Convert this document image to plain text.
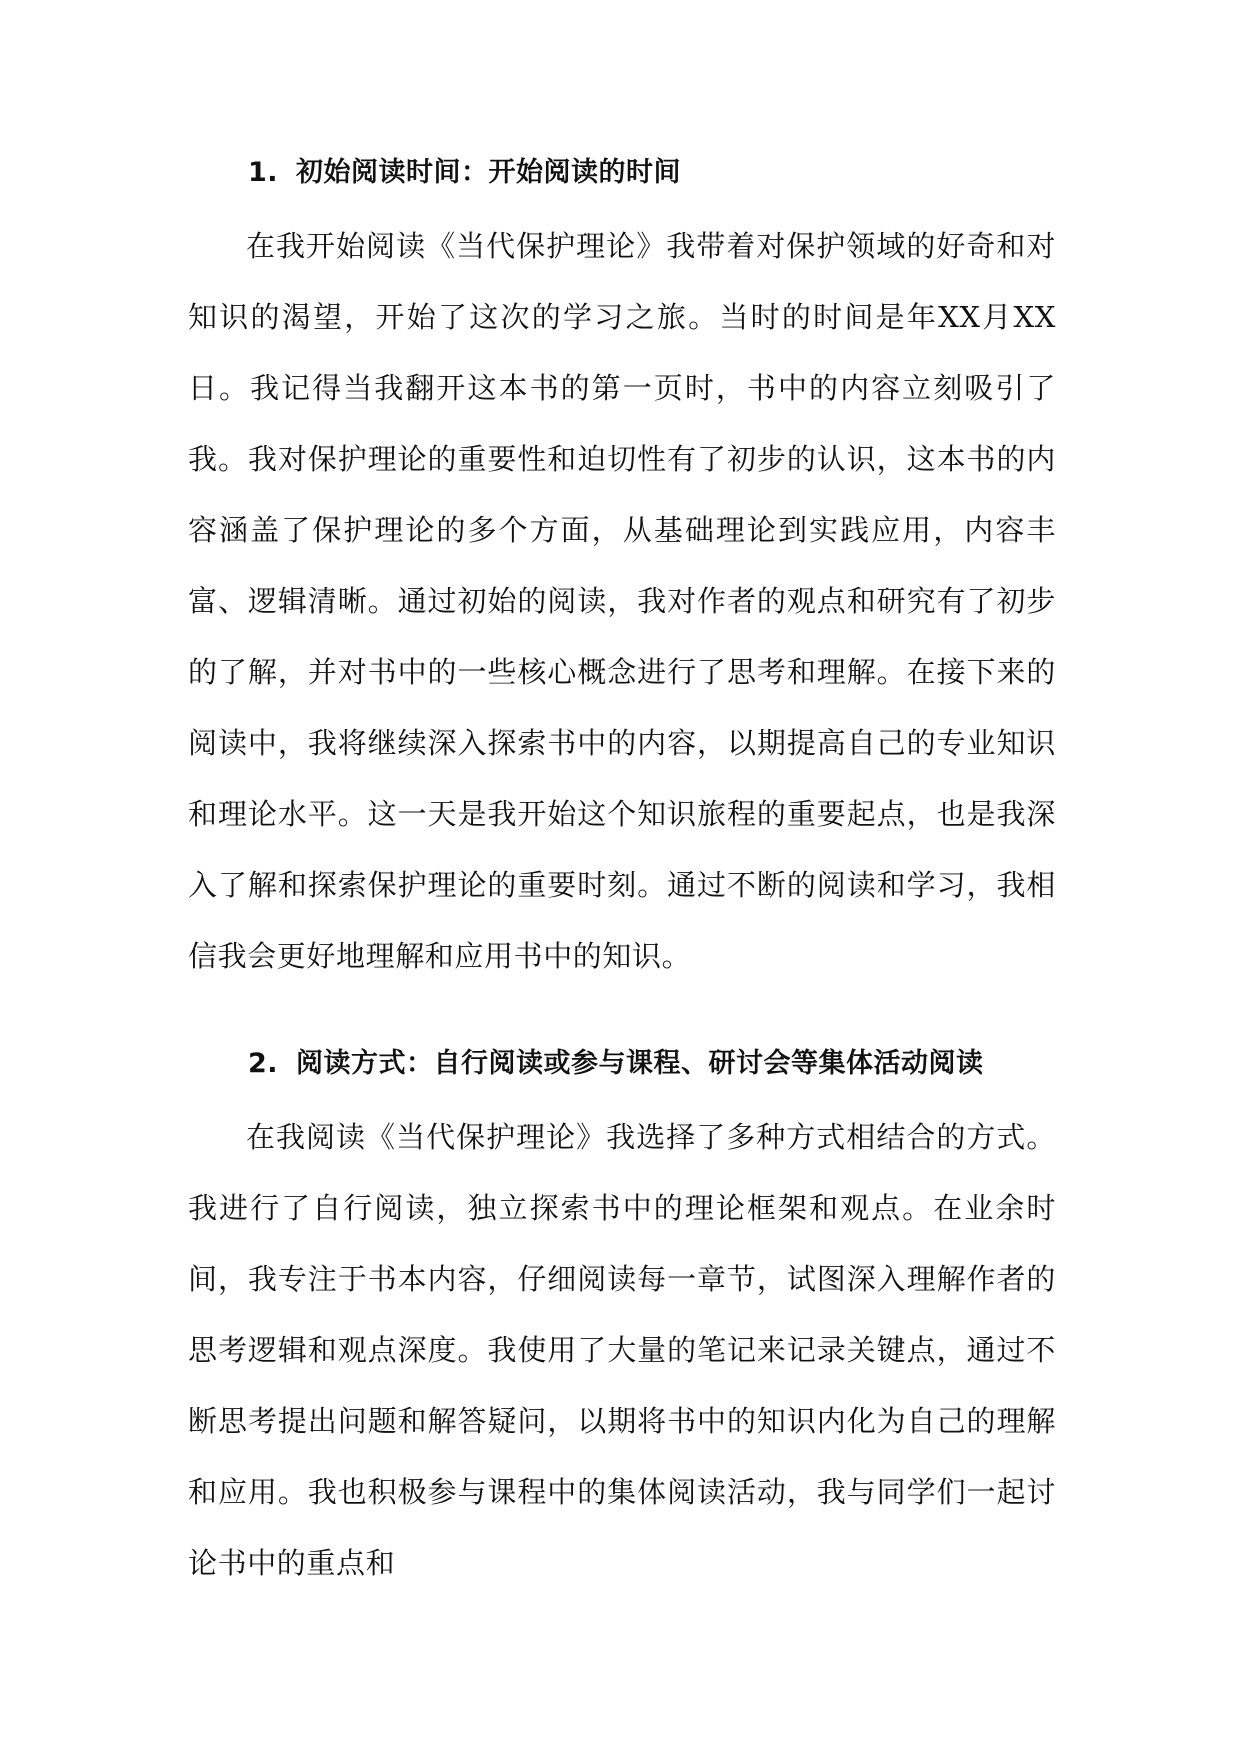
1. 初始阅读时间：开始阅读的时间

在我开始阅读《当代保护理论》我带着对保护领域的好奇和对知识的渴望，开始了这次的学习之旅。当时的时间是年XX月XX日。我记得当我翻开这本书的第一页时，书中的内容立刻吸引了我。我对保护理论的重要性和迫切性有了初步的认识，这本书的内容涵盖了保护理论的多个方面，从基础理论到实践应用，内容丰富、逻辑清晰。通过初始的阅读，我对作者的观点和研究有了初步的了解，并对书中的一些核心概念进行了思考和理解。在接下来的阅读中，我将继续深入探索书中的内容，以期提高自己的专业知识和理论水平。这一天是我开始这个知识旅程的重要起点，也是我深入了解和探索保护理论的重要时刻。通过不断的阅读和学习，我相信我会更好地理解和应用书中的知识。

2. 阅读方式：自行阅读或参与课程、研讨会等集体活动阅读

在我阅读《当代保护理论》我选择了多种方式相结合的方式。我进行了自行阅读，独立探索书中的理论框架和观点。在业余时间，我专注于书本内容，仔细阅读每一章节，试图深入理解作者的思考逻辑和观点深度。我使用了大量的笔记来记录关键点，通过不断思考提出问题和解答疑问，以期将书中的知识内化为自己的理解和应用。我也积极参与课程中的集体阅读活动，我与同学们一起讨论书中的重点和
